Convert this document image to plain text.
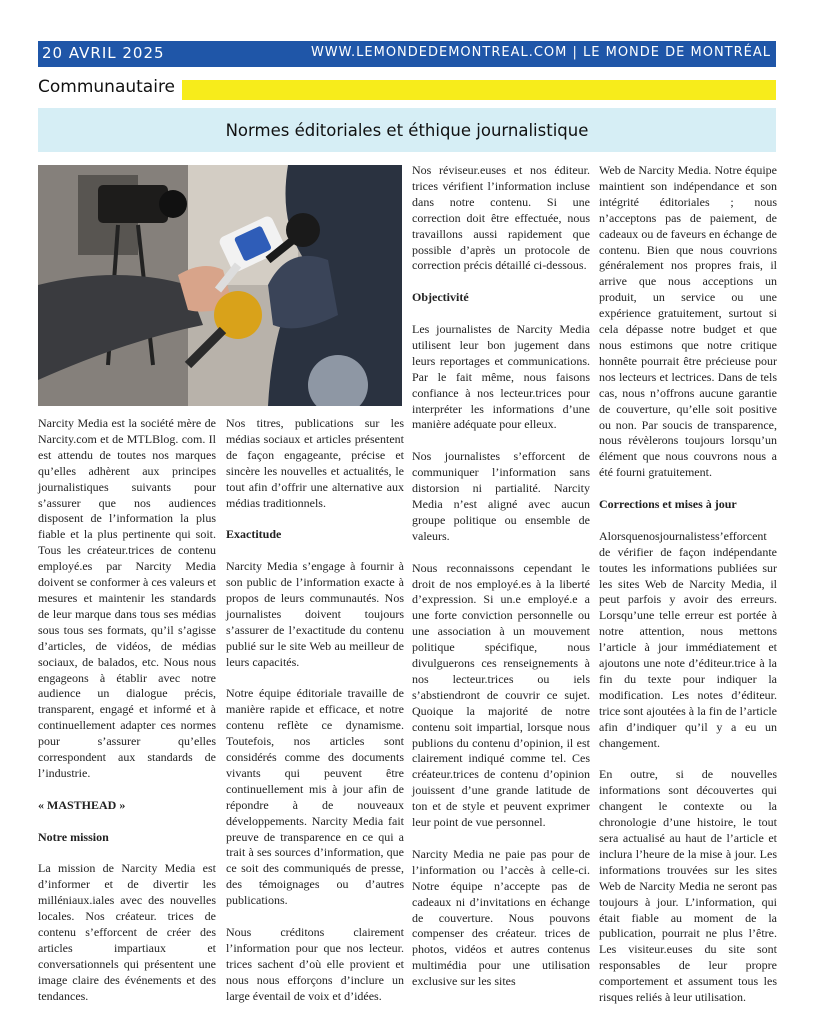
20 AVRIL 2025	WWW.LEMONDEDEMONTREAL.COM | LE MONDE DE MONTRÉAL
Communautaire
Normes éditoriales et éthique journalistique

Narcity Media est la société mère de Narcity.com et de MTLBlog. com. Il est attendu de toutes nos marques qu’elles adhèrent aux principes journalistiques suivants pour s’assurer que nos audiences disposent de l’information la plus fiable et la plus pertinente qui soit. Tous les créateur.trices de contenu employé.es par Narcity Media doivent se conformer à ces valeurs et mesures et maintenir les standards de leur marque dans tous ses médias sous tous ses formats, qu’il s’agisse d’articles, de vidéos, de médias sociaux, de balados, etc. Nous nous engageons à établir avec notre audience un dialogue précis, transparent, engagé et informé et à continuellement adapter ces normes pour s’assurer qu’elles correspondent aux standards de l’industrie.

« MASTHEAD »

Notre mission

La mission de Narcity Media est d’informer et de divertir les milléniaux.iales avec des nouvelles locales. Nos créateur. trices de contenu s’efforcent de créer des articles impartiaux et conversationnels qui présentent une image claire des événements et des tendances.

Nos titres, publications sur les médias sociaux et articles présentent de façon engageante, précise et sincère les nouvelles et actualités, le tout afin d’offrir une alternative aux médias traditionnels.

Exactitude

Narcity Media s’engage à fournir à son public de l’information exacte à propos de leurs communautés. Nos journalistes doivent toujours s’assurer de l’exactitude du contenu publié sur le site Web au meilleur de leurs capacités.

Notre équipe éditoriale travaille de manière rapide et efficace, et notre contenu reflète ce dynamisme. Toutefois, nos articles sont considérés comme des documents vivants qui peuvent être continuellement mis à jour afin de répondre à de nouveaux développements. Narcity Media fait preuve de transparence en ce qui a trait à ses sources d’information, que ce soit des communiqués de presse, des témoignages ou d’autres publications.

Nous créditons clairement l’information pour que nos lecteur. trices sachent d’où elle provient et nous nous efforçons d’inclure un large éventail de voix et d’idées.

Nos réviseur.euses et nos éditeur. trices vérifient l’information incluse dans notre contenu. Si une correction doit être effectuée, nous travaillons aussi rapidement que possible d’après un protocole de correction précis détaillé ci-dessous.

Objectivité

Les journalistes de Narcity Media utilisent leur bon jugement dans leurs reportages et communications. Par le fait même, nous faisons confiance à nos lecteur.trices pour interpréter les informations d’une manière adéquate pour elleux.

Nos journalistes s’efforcent de communiquer l’information sans distorsion ni partialité. Narcity Media n’est aligné avec aucun groupe politique ou ensemble de valeurs.

Nous reconnaissons cependant le droit de nos employé.es à la liberté d’expression. Si un.e employé.e a une forte conviction personnelle ou une association à un mouvement politique spécifique, nous divulguerons ces renseignements à nos lecteur.trices ou iels s’abstiendront de couvrir ce sujet. Quoique la majorité de notre contenu soit impartial, lorsque nous publions du contenu d’opinion, il est clairement indiqué comme tel. Ces créateur.trices de contenu d’opinion jouissent d’une grande latitude de ton et de style et peuvent exprimer leur point de vue personnel.

Narcity Media ne paie pas pour de l’information ou l’accès à celle-ci. Notre équipe n’accepte pas de cadeaux ni d’invitations en échange de couverture. Nous pouvons compenser des créateur. trices de photos, vidéos et autres contenus multimédia pour une utilisation exclusive sur les sites

Web de Narcity Media. Notre équipe maintient son indépendance et son intégrité éditoriales ; nous n’acceptons pas de paiement, de cadeaux ou de faveurs en échange de contenu. Bien que nous couvrions généralement nos propres frais, il arrive que nous acceptions un produit, un service ou une expérience gratuitement, surtout si cela dépasse notre budget et que nous estimons que notre critique honnête pourrait être précieuse pour nos lecteurs et lectrices. Dans de tels cas, nous n’offrons aucune garantie de couverture, qu’elle soit positive ou non. Par soucis de transparence, nous révèlerons toujours lorsqu’un élément que nous couvrons nous a été fourni gratuitement.

Corrections et mises à jour

Alorsquenosjournalistess’efforcent de vérifier de façon indépendante toutes les informations publiées sur les sites Web de Narcity Media, il peut parfois y avoir des erreurs. Lorsqu’une telle erreur est portée à notre attention, nous mettons l’article à jour immédiatement et ajoutons une note d’éditeur.trice à la fin du texte pour indiquer la modification. Les notes d’éditeur. trice sont ajoutées à la fin de l’article afin d’indiquer qu’il y a eu un changement.

En outre, si de nouvelles informations sont découvertes qui changent le contexte ou la chronologie d’une histoire, le tout sera actualisé au haut de l’article et inclura l’heure de la mise à jour. Les informations trouvées sur les sites Web de Narcity Media ne seront pas toujours à jour. L’information, qui était fiable au moment de la publication, pourrait ne plus l’être. Les visiteur.euses du site sont responsables de leur propre comportement et assument tous les risques reliés à leur utilisation.
